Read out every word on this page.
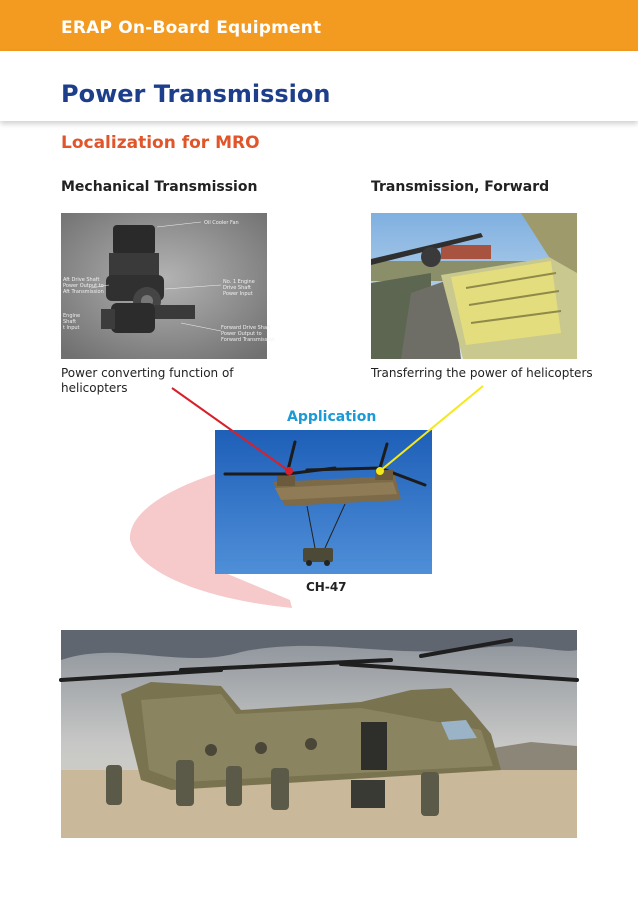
ERAP On-Board Equipment
Power Transmission
Localization for MRO
Mechanical Transmission	Transmission, Forward
Oil Cooler Fan
Aft Drive Shaft
Power Output to
Aft Transmission
No. 1 Engine
Drive Shaft
Power Input
Engine
Shaft
t Input	Forward Drive Shaft
Power Output to
Forward Transmission
Power converting function of
helicopters
Transferring the power of helicopters
Application
CH-47
